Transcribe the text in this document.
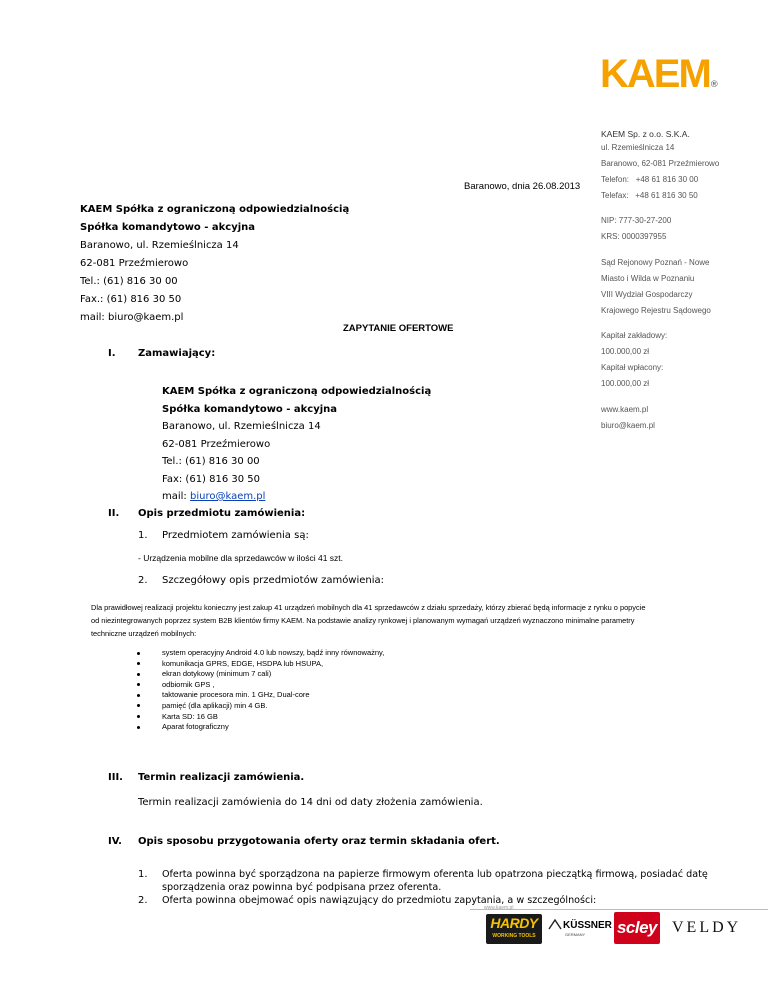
KAEM®
KAEM Sp. z o.o. S.K.A.
ul. Rzemieślnicza 14
Baranowo, 62-081 Przeźmierowo
Telefon:   +48 61 816 30 00
Telefax:   +48 61 816 30 50
NIP: 777-30-27-200
KRS: 0000397955
Sąd Rejonowy Poznań - Nowe
Miasto i Wilda w Poznaniu
VIII Wydział Gospodarczy
Krajowego Rejestru Sądowego
Kapitał zakładowy:
100.000,00 zł
Kapitał wpłacony:
100.000,00 zł
www.kaem.pl
biuro@kaem.pl
Baranowo, dnia 26.08.2013
KAEM Spółka z ograniczoną odpowiedzialnością
Spółka komandytowo - akcyjna
Baranowo, ul. Rzemieślnicza 14
62-081 Przeźmierowo
Tel.: (61) 816 30 00
Fax.: (61) 816 30 50
mail: biuro@kaem.pl
ZAPYTANIE OFERTOWE
I. Zamawiający:
KAEM Spółka z ograniczoną odpowiedzialnością
Spółka komandytowo - akcyjna
Baranowo, ul. Rzemieślnicza 14
62-081 Przeźmierowo
Tel.: (61) 816 30 00
Fax: (61) 816 30 50
mail: biuro@kaem.pl
II. Opis przedmiotu zamówienia:
1. Przedmiotem zamówienia są:
- Urządzenia mobilne dla sprzedawców w ilości 41 szt.
2. Szczegółowy opis przedmiotów zamówienia:
Dla prawidłowej realizacji projektu konieczny jest zakup 41 urządzeń mobilnych dla 41 sprzedawców z działu sprzedaży, którzy zbierać będą informacje z rynku o popycie
od niezintegrowanych poprzez system B2B klientów firmy KAEM. Na podstawie analizy rynkowej i planowanym wymagań urządzeń wyznaczono minimalne parametry
techniczne urządzeń mobilnych:
system operacyjny Android 4.0 lub nowszy, bądź inny równoważny,
komunikacja GPRS, EDGE, HSDPA lub HSUPA,
ekran dotykowy (minimum 7 cali)
odbiornik GPS ,
taktowanie procesora min. 1 GHz, Dual-core
pamięć (dla aplikacji) min 4 GB.
Karta SD: 16 GB
Aparat fotograficzny
III. Termin realizacji zamówienia.
Termin realizacji zamówienia do 14 dni od daty złożenia zamówienia.
IV. Opis sposobu przygotowania oferty oraz termin składania ofert.
1. Oferta powinna być sporządzona na papierze firmowym oferenta lub opatrzona pieczątką firmową, posiadać datę
sporządzenia oraz powinna być podpisana przez oferenta.
2. Oferta powinna obejmować opis nawiązujący do przedmiotu zapytania, a w szczególności:
www.kaem.pl
HARDY
WORKING TOOLS
KÜSSNER
GERMANY scley VELDY
